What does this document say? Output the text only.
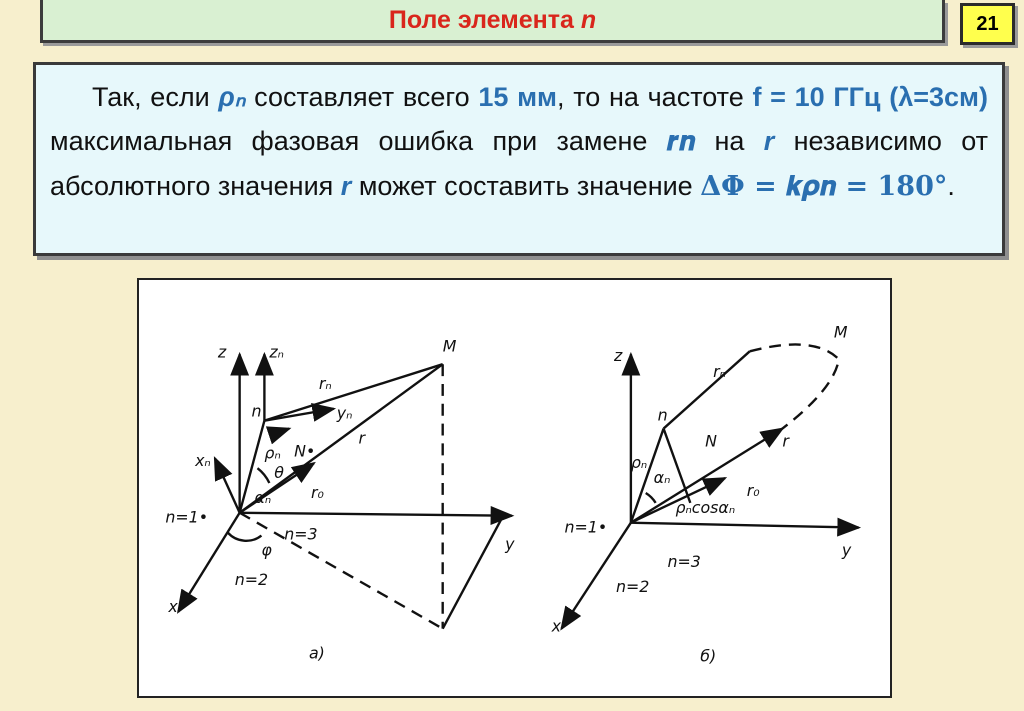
Поле элемента n	21

Так, если ρₙ составляет всего 15 мм, то на частоте f = 10 ГГц (λ=3см) максимальная фазовая ошибка при замене 𝒓𝒏 на r независимо от абсолютного значения r может составить значение ΔΦ = 𝒌𝝆𝒏 = 𝟏𝟖𝟎°.

z	zₙ
xₙ
yₙ
n
rₙ
r
M
ρₙ N•
θ
αₙ r₀
n=1•
n=2
n=3
φ	y
x
а)
z
n
rₙ
r
M
ρₙ
N
αₙ
ρₙcosαₙ
r₀
n=1•
n=2
n=3
y
x
б)
